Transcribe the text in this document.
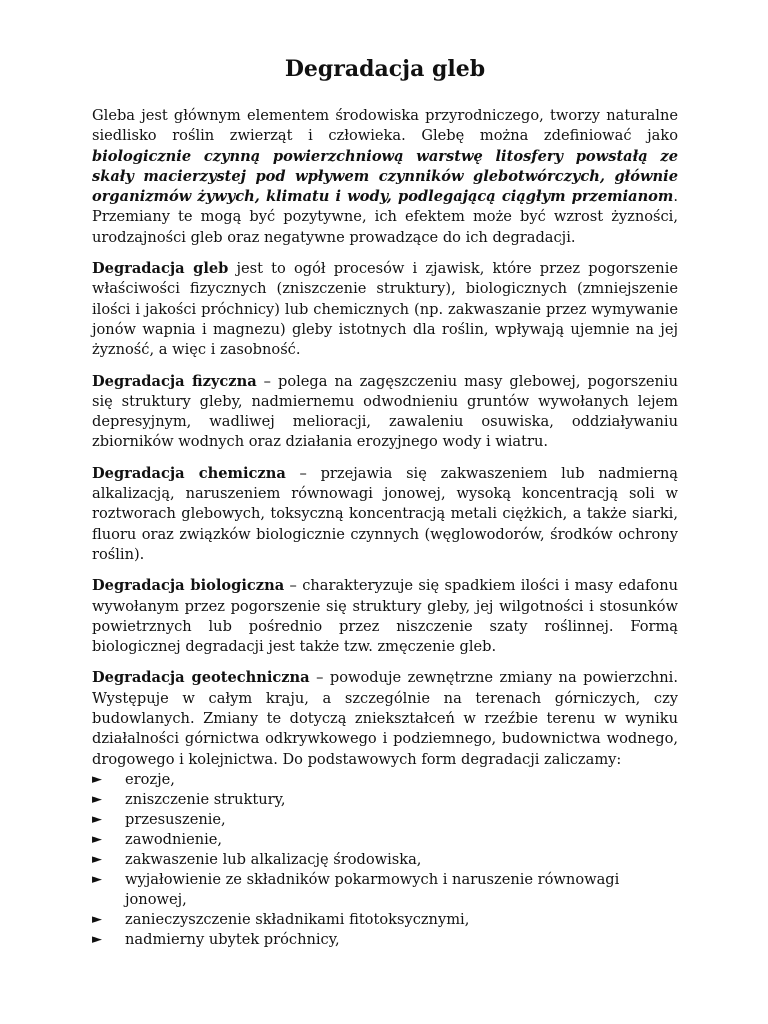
Degradacja gleb

Gleba jest głównym elementem środowiska przyrodniczego, tworzy naturalne siedlisko roślin zwierząt i człowieka. Glebę można zdefiniować jako biologicznie czynną powierzchniową warstwę litosfery powstałą ze skały macierzystej pod wpływem czynników glebotwórczych, głównie organizmów żywych, klimatu i wody, podlegającą ciągłym przemianom. Przemiany te mogą być pozytywne, ich efektem może być wzrost żyzności, urodzajności gleb oraz negatywne prowadzące do ich degradacji.

Degradacja gleb jest to ogół procesów i zjawisk, które przez pogorszenie właściwości fizycznych (zniszczenie struktury), biologicznych (zmniejszenie ilości i jakości próchnicy) lub chemicznych (np. zakwaszanie przez wymywanie jonów wapnia i magnezu) gleby istotnych dla roślin, wpływają ujemnie na jej żyzność, a więc i zasobność.

Degradacja fizyczna – polega na zagęszczeniu masy glebowej, pogorszeniu się struktury gleby, nadmiernemu odwodnieniu gruntów wywołanych lejem depresyjnym, wadliwej melioracji, zawaleniu osuwiska, oddziaływaniu zbiorników wodnych oraz działania erozyjnego wody i wiatru.

Degradacja chemiczna – przejawia się zakwaszeniem lub nadmierną alkalizacją, naruszeniem równowagi jonowej, wysoką koncentracją soli w roztworach glebowych, toksyczną koncentracją metali ciężkich, a także siarki, fluoru oraz związków biologicznie czynnych (węglowodorów, środków ochrony roślin).

Degradacja biologiczna – charakteryzuje się spadkiem ilości i masy edafonu wywołanym przez pogorszenie się struktury gleby, jej wilgotności i stosunków powietrznych lub pośrednio przez niszczenie szaty roślinnej. Formą biologicznej degradacji jest także tzw. zmęczenie gleb.

Degradacja geotechniczna – powoduje zewnętrzne zmiany na powierzchni. Występuje w całym kraju, a szczególnie na terenach górniczych, czy budowlanych. Zmiany te dotyczą zniekształceń w rzeźbie terenu w wyniku działalności górnictwa odkrywkowego i podziemnego, budownictwa wodnego, drogowego i kolejnictwa. Do podstawowych form degradacji zaliczamy:

► erozje,
► zniszczenie struktury,
► przesuszenie,
► zawodnienie,
► zakwaszenie lub alkalizację środowiska,
► wyjałowienie ze składników pokarmowych i naruszenie równowagi jonowej,
► zanieczyszczenie składnikami fitotoksycznymi,
► nadmierny ubytek próchnicy,
